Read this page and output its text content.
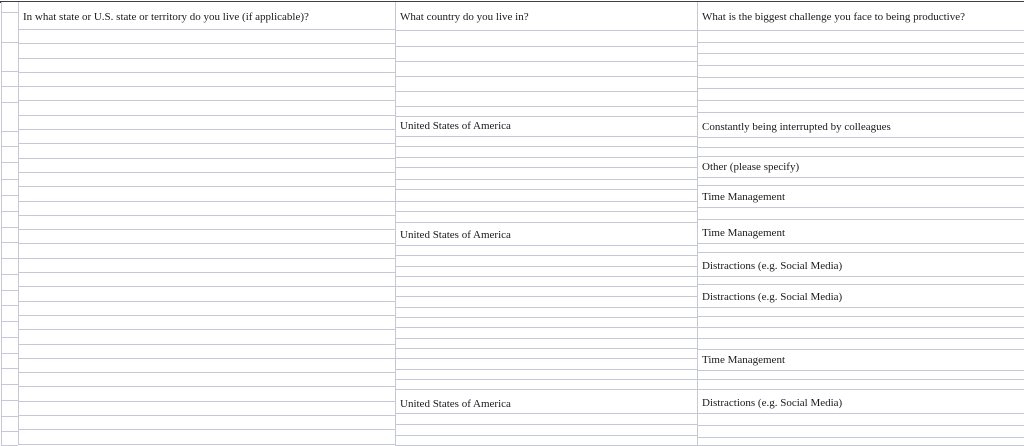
In what state or U.S. state or territory do you live (if applicable)?	What country do you live in?
United States of America
United States of America
United States of America
What is the biggest challenge you face to being productive?
Constantly being interrupted by colleagues
Other (please specify)
Time Management
Time Management
Distractions (e.g. Social Media)
Distractions (e.g. Social Media)
Time Management
Distractions (e.g. Social Media)
